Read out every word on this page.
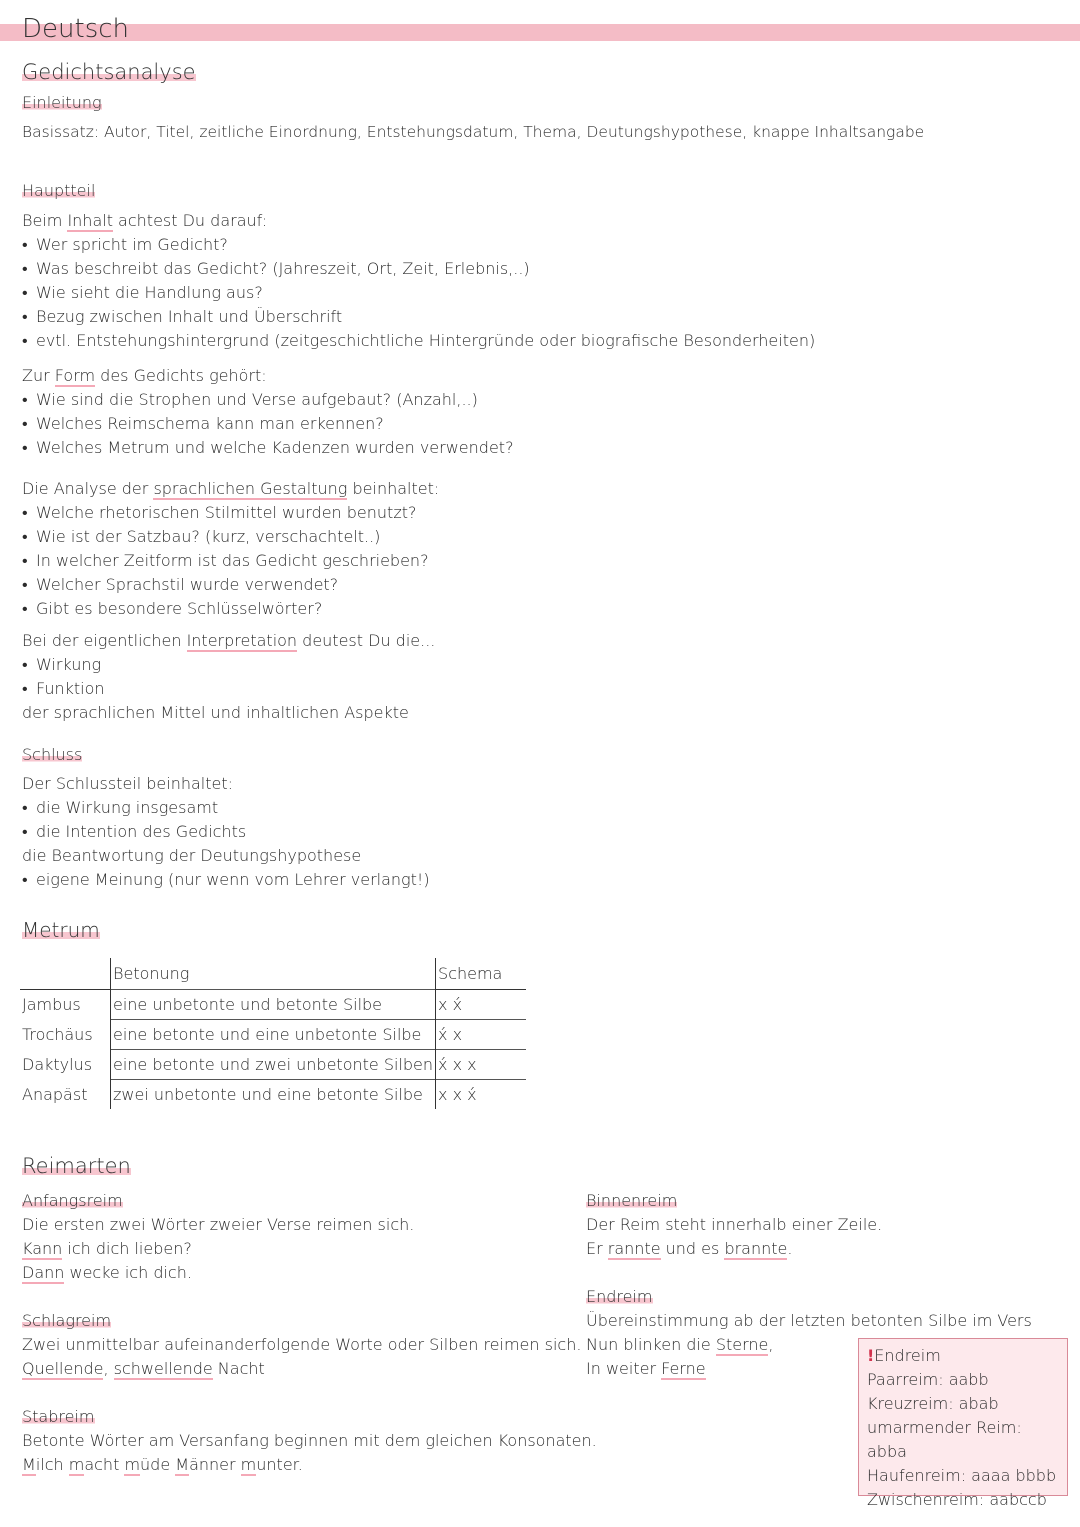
Deutsch
Gedichtsanalyse
Einleitung
Basissatz: Autor, Titel, zeitliche Einordnung, Entstehungsdatum, Thema, Deutungshypothese, knappe Inhaltsangabe
Hauptteil
Beim Inhalt achtest Du darauf:
• Wer spricht im Gedicht?
• Was beschreibt das Gedicht? (Jahreszeit, Ort, Zeit, Erlebnis,..)
• Wie sieht die Handlung aus?
• Bezug zwischen Inhalt und Überschrift
• evtl. Entstehungshintergrund (zeitgeschichtliche Hintergründe oder biografische Besonderheiten)
Zur Form des Gedichts gehört:
• Wie sind die Strophen und Verse aufgebaut? (Anzahl,..)
• Welches Reimschema kann man erkennen?
• Welches Metrum und welche Kadenzen wurden verwendet?
Die Analyse der sprachlichen Gestaltung beinhaltet:
• Welche rhetorischen Stilmittel wurden benutzt?
• Wie ist der Satzbau? (kurz, verschachtelt..)
• In welcher Zeitform ist das Gedicht geschrieben?
• Welcher Sprachstil wurde verwendet?
• Gibt es besondere Schlüsselwörter?
Bei der eigentlichen Interpretation deutest Du die...
• Wirkung
• Funktion
der sprachlichen Mittel und inhaltlichen Aspekte
Schluss
Der Schlussteil beinhaltet:
• die Wirkung insgesamt
• die Intention des Gedichts
die Beantwortung der Deutungshypothese
• eigene Meinung (nur wenn vom Lehrer verlangt!)
Metrum
	Betonung	Schema
Jambus	eine unbetonte und betonte Silbe	x x́
Trochäus	eine betonte und eine unbetonte Silbe	x́ x
Daktylus	eine betonte und zwei unbetonte Silben	x́ x x
Anapäst	zwei unbetonte und eine betonte Silbe	x x x́
Reimarten
Anfangsreim
Die ersten zwei Wörter zweier Verse reimen sich.
Kann ich dich lieben?
Dann wecke ich dich.
Binnenreim
Der Reim steht innerhalb einer Zeile.
Er rannte und es brannte.
Endreim
Übereinstimmung ab der letzten betonten Silbe im Vers
Nun blinken die Sterne,
In weiter Ferne
Schlagreim
Zwei unmittelbar aufeinanderfolgende Worte oder Silben reimen sich.
Quellende, schwellende Nacht
Stabreim
Betonte Wörter am Versanfang beginnen mit dem gleichen Konsonaten.
Milch macht müde Männer munter.
!Endreim
Paarreim: aabb
Kreuzreim: abab
umarmender Reim: abba
Haufenreim: aaaa bbbb
Zwischenreim: aabccb
